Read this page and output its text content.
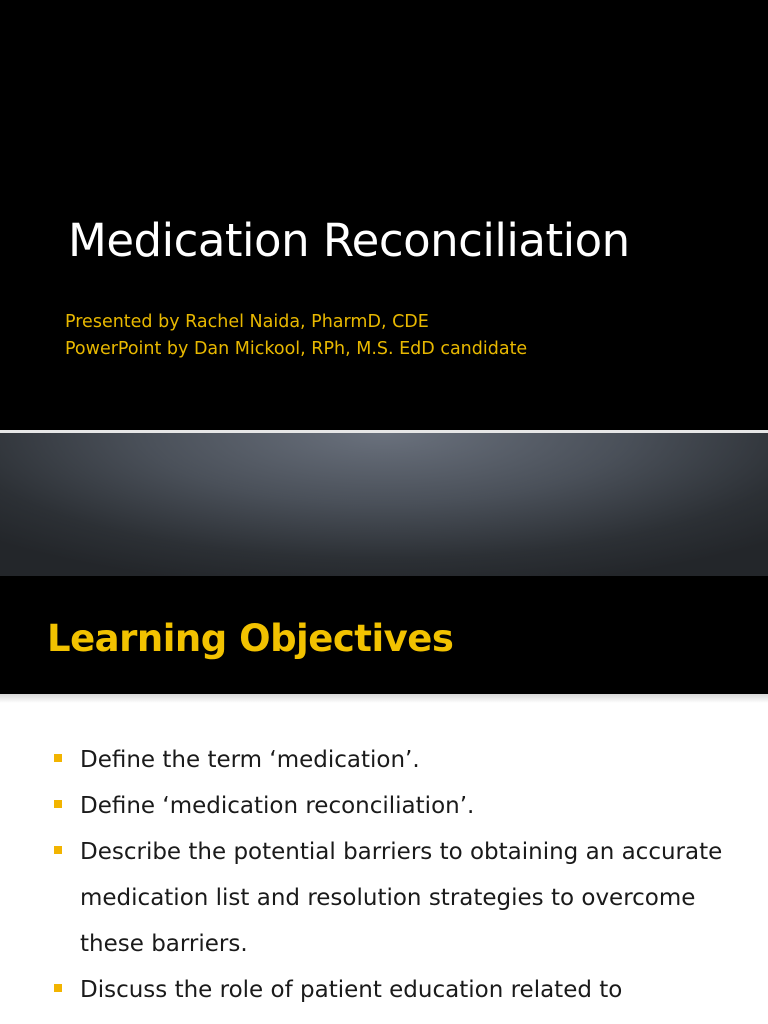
Medication Reconciliation
Presented by Rachel Naida, PharmD, CDE
PowerPoint by Dan Mickool, RPh, M.S. EdD candidate
Learning Objectives
Define the term ‘medication’.
Define ‘medication reconciliation’.
Describe the potential barriers to obtaining an accurate medication list and resolution strategies to overcome these barriers.
Discuss the role of patient education related to
